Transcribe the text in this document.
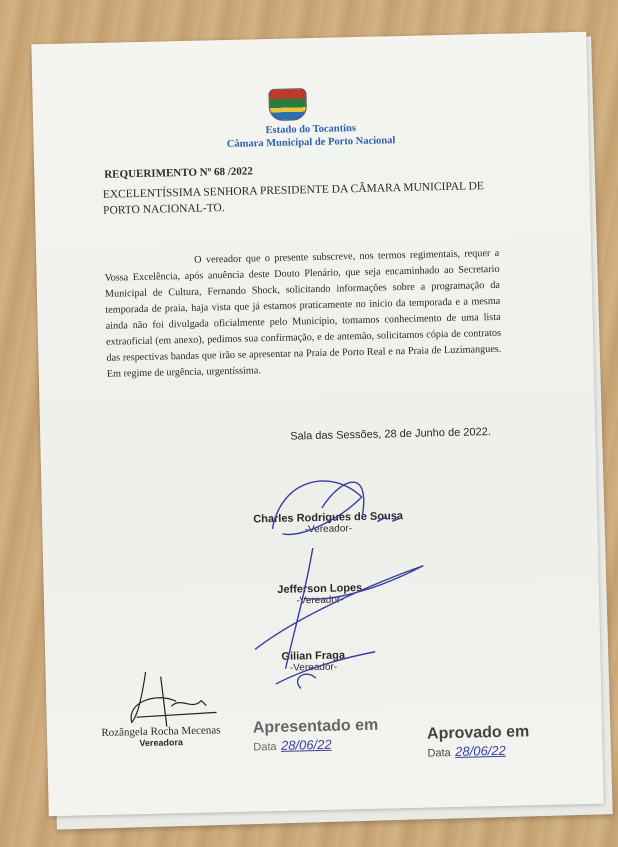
Estado do Tocantins
Câmara Municipal de Porto Nacional
REQUERIMENTO Nº 68 /2022
EXCELENTÍSSIMA SENHORA PRESIDENTE DA CÂMARA MUNICIPAL DE PORTO NACIONAL-TO.
O vereador que o presente subscreve, nos termos regimentais, requer a Vossa Excelência, após anuência deste Douto Plenário, que seja encaminhado ao Secretario Municipal de Cultura, Fernando Shock, solicitando informações sobre a programação da temporada de praia, haja vista que já estamos praticamente no inicio da temporada e a mesma ainda não foi divulgada oficialmente pelo Município, tomamos conhecimento de uma lista extraoficial (em anexo), pedimos sua confirmação, e de antemão, solicitamos cópia de contratos das respectivas bandas que irão se apresentar na Praia de Porto Real e na Praia de Luzimangues. Em regime de urgência, urgentíssima.
Sala das Sessões, 28 de Junho de 2022.
Charles Rodrigues de Sousa
-Vereador-
Jefferson Lopes
-Vereador-
Gilian Fraga
-Vereador-
Rozângela Rocha Mecenas
Vereadora
Apresentado em
Data 28/06/22
Aprovado em
Data 28/06/22
